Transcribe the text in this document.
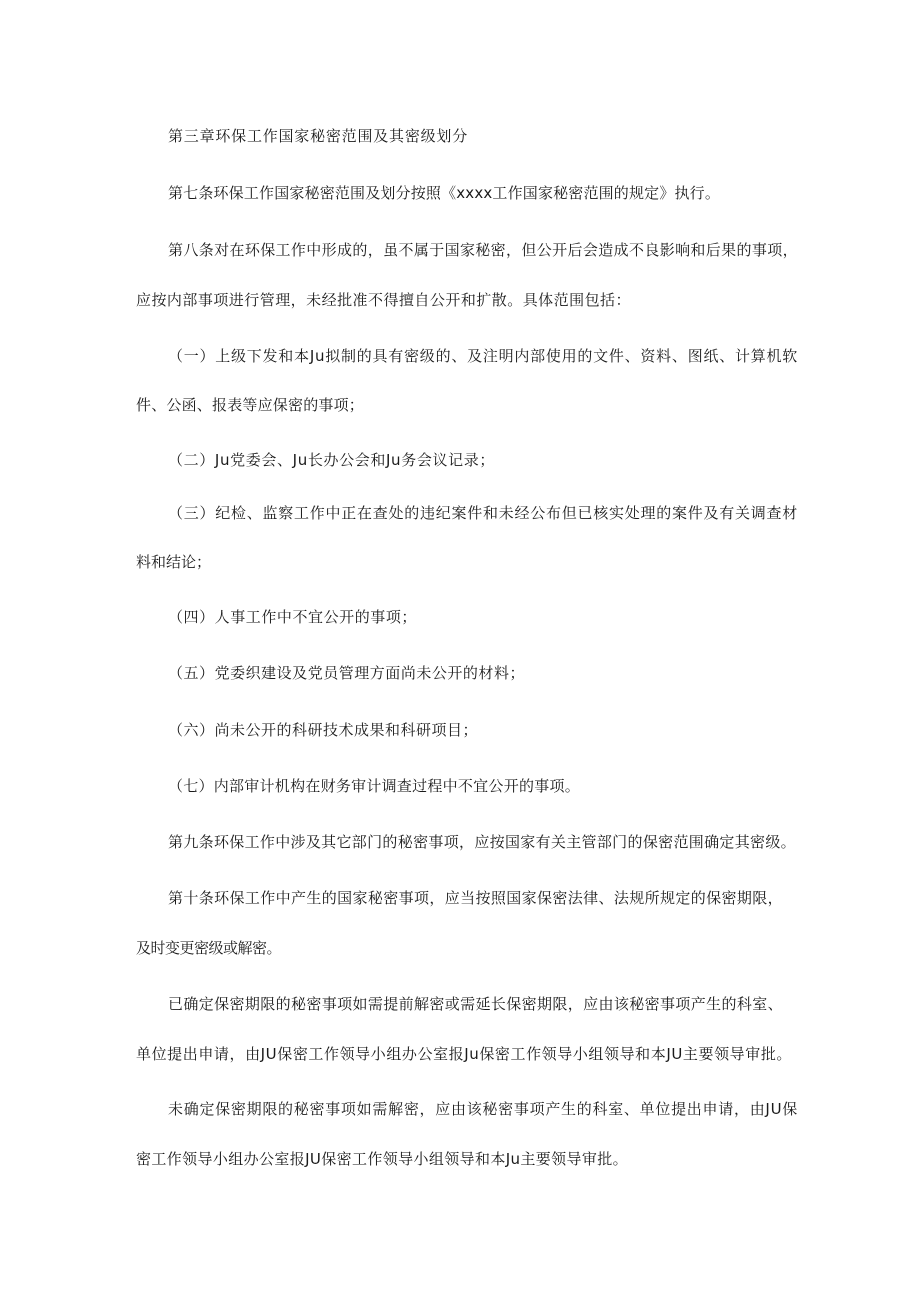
第三章环保工作国家秘密范围及其密级划分
第七条环保工作国家秘密范围及划分按照《xxxx工作国家秘密范围的规定》执行。
第八条对在环保工作中形成的，虽不属于国家秘密，但公开后会造成不良影响和后果的事项，
应按内部事项进行管理，未经批准不得擅自公开和扩散。具体范围包括：
（一）上级下发和本Ju拟制的具有密级的、及注明内部使用的文件、资料、图纸、计算机软
件、公函、报表等应保密的事项；
（二）Ju党委会、Ju长办公会和Ju务会议记录；
（三）纪检、监察工作中正在查处的违纪案件和未经公布但已核实处理的案件及有关调查材
料和结论；
（四）人事工作中不宜公开的事项；
（五）党委织建设及党员管理方面尚未公开的材料；
（六）尚未公开的科研技术成果和科研项目；
（七）内部审计机构在财务审计调查过程中不宜公开的事项。
第九条环保工作中涉及其它部门的秘密事项，应按国家有关主管部门的保密范围确定其密级。
第十条环保工作中产生的国家秘密事项，应当按照国家保密法律、法规所规定的保密期限，
及时变更密级或解密。
已确定保密期限的秘密事项如需提前解密或需延长保密期限，应由该秘密事项产生的科室、
单位提出申请，由JU保密工作领导小组办公室报Ju保密工作领导小组领导和本JU主要领导审批。
未确定保密期限的秘密事项如需解密，应由该秘密事项产生的科室、单位提出申请，由JU保
密工作领导小组办公室报JU保密工作领导小组领导和本Ju主要领导审批。
